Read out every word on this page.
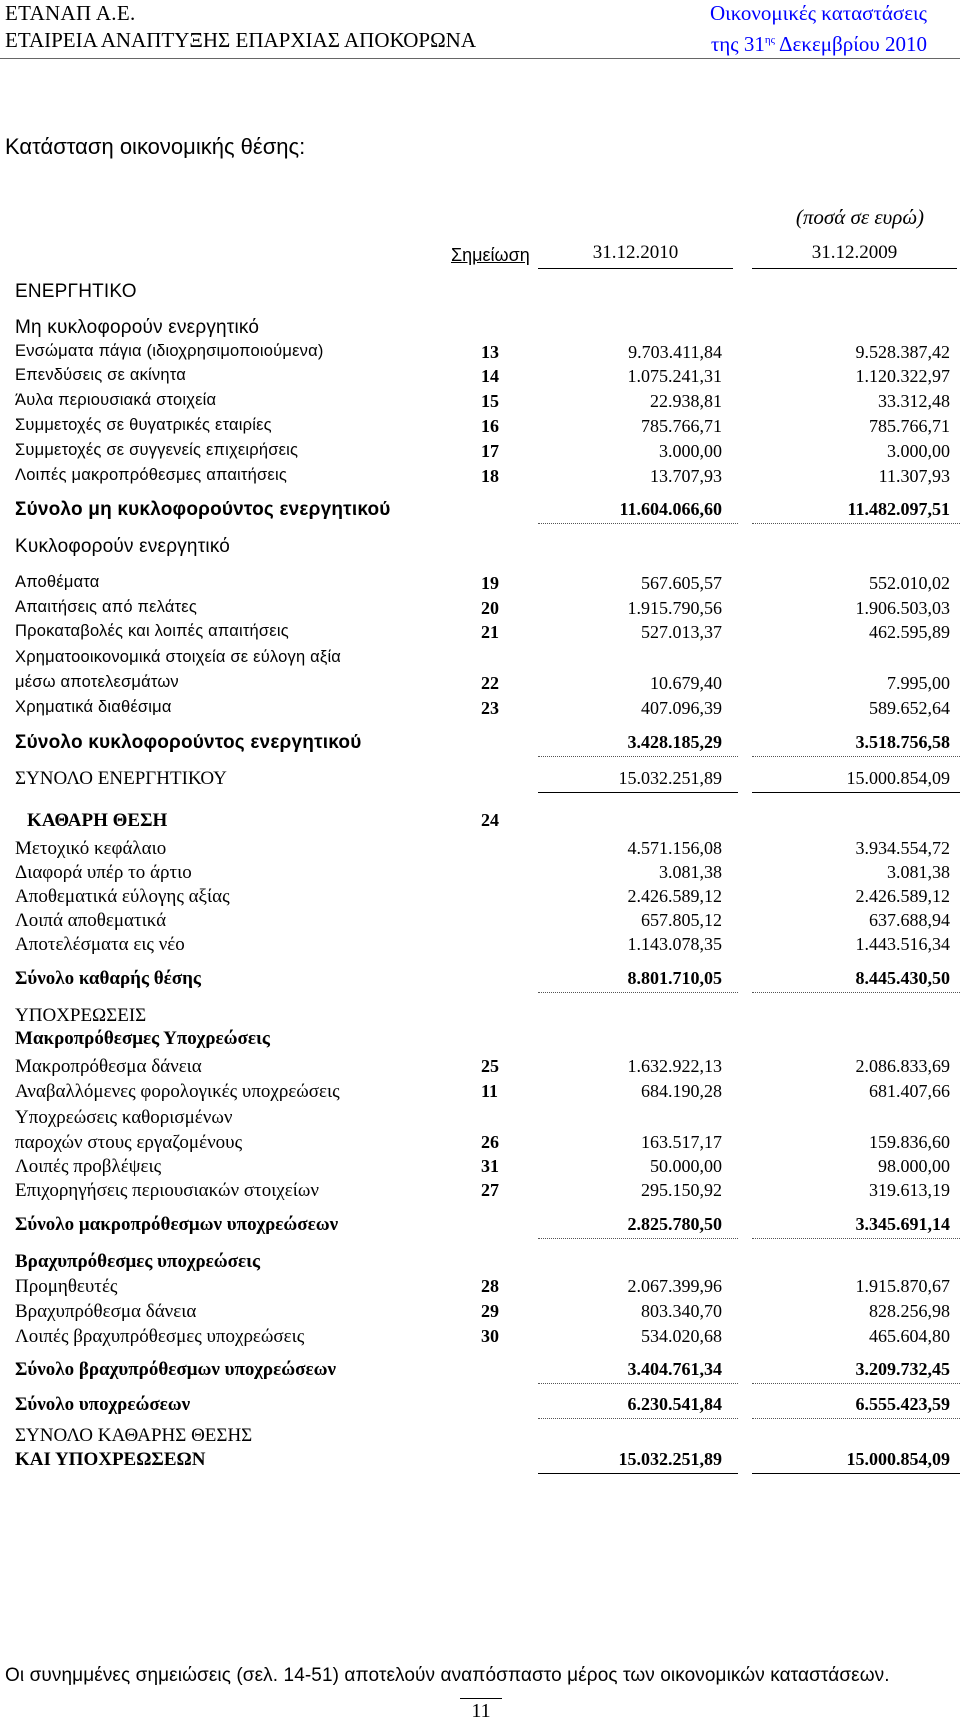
ΕΤΑΝΑΠ Α.Ε.
ΕΤΑΙΡΕΙΑ ΑΝΑΠΤΥΞΗΣ ΕΠΑΡΧΙΑΣ ΑΠΟΚΟΡΩΝΑ
Οικονομικές καταστάσεις
της $31^{\eta\varsigma}$ Δεκεμβρίου 2010
Κατάσταση οικονομικής θέσης:
(ποσά σε ευρώ)
Σημείωση	31.12.2010	31.12.2009
ΕΝΕΡΓΗΤΙΚΟ
Μη κυκλοφορούν ενεργητικό
Ενσώματα πάγια (ιδιοχρησιμοποιούμενα)	13	9.703.411,84	9.528.387,42
Επενδύσεις σε ακίνητα	14	1.075.241,31	1.120.322,97
Άυλα περιουσιακά στοιχεία	15	22.938,81	33.312,48
Συμμετοχές σε θυγατρικές εταιρίες	16	785.766,71	785.766,71
Συμμετοχές σε συγγενείς επιχειρήσεις	17	3.000,00	3.000,00
Λοιπές μακροπρόθεσμες απαιτήσεις	18	13.707,93	11.307,93
Σύνολο μη κυκλοφορούντος ενεργητικού	11.604.066,60	11.482.097,51
Κυκλοφορούν ενεργητικό
Αποθέματα	19	567.605,57	552.010,02
Απαιτήσεις από πελάτες	20	1.915.790,56	1.906.503,03
Προκαταβολές και λοιπές απαιτήσεις	21	527.013,37	462.595,89
Χρηματοοικονομικά στοιχεία σε εύλογη αξία
μέσω αποτελεσμάτων	22	10.679,40	7.995,00
Χρηματικά διαθέσιμα	23	407.096,39	589.652,64
Σύνολο κυκλοφορούντος ενεργητικού	3.428.185,29	3.518.756,58
ΣΥΝΟΛΟ ΕΝΕΡΓΗΤΙΚΟΥ	15.032.251,89	15.000.854,09
ΚΑΘΑΡΗ ΘΕΣΗ	24
Μετοχικό κεφάλαιο	4.571.156,08	3.934.554,72
Διαφορά υπέρ το άρτιο	3.081,38	3.081,38
Αποθεματικά εύλογης αξίας	2.426.589,12	2.426.589,12
Λοιπά αποθεματικά	657.805,12	637.688,94
Αποτελέσματα εις νέο	1.143.078,35	1.443.516,34
Σύνολο καθαρής θέσης	8.801.710,05	8.445.430,50
ΥΠΟΧΡΕΩΣΕΙΣ
Μακροπρόθεσμες Υποχρεώσεις
Μακροπρόθεσμα δάνεια	25	1.632.922,13	2.086.833,69
Αναβαλλόμενες φορολογικές υποχρεώσεις	11	684.190,28	681.407,66
Υποχρεώσεις καθορισμένων
παροχών στους εργαζομένους	26	163.517,17	159.836,60
Λοιπές προβλέψεις	31	50.000,00	98.000,00
Επιχορηγήσεις περιουσιακών στοιχείων	27	295.150,92	319.613,19
Σύνολο μακροπρόθεσμων υποχρεώσεων	2.825.780,50	3.345.691,14
Βραχυπρόθεσμες υποχρεώσεις
Προμηθευτές	28	2.067.399,96	1.915.870,67
Βραχυπρόθεσμα δάνεια	29	803.340,70	828.256,98
Λοιπές βραχυπρόθεσμες υποχρεώσεις	30	534.020,68	465.604,80
Σύνολο βραχυπρόθεσμων υποχρεώσεων	3.404.761,34	3.209.732,45
Σύνολο υποχρεώσεων	6.230.541,84	6.555.423,59
ΣΥΝΟΛΟ ΚΑΘΑΡΗΣ ΘΕΣΗΣ
ΚΑΙ ΥΠΟΧΡΕΩΣΕΩΝ	15.032.251,89	15.000.854,09
Οι συνημμένες σημειώσεις (σελ. 14-51) αποτελούν αναπόσπαστο μέρος των οικονομικών καταστάσεων.
11
